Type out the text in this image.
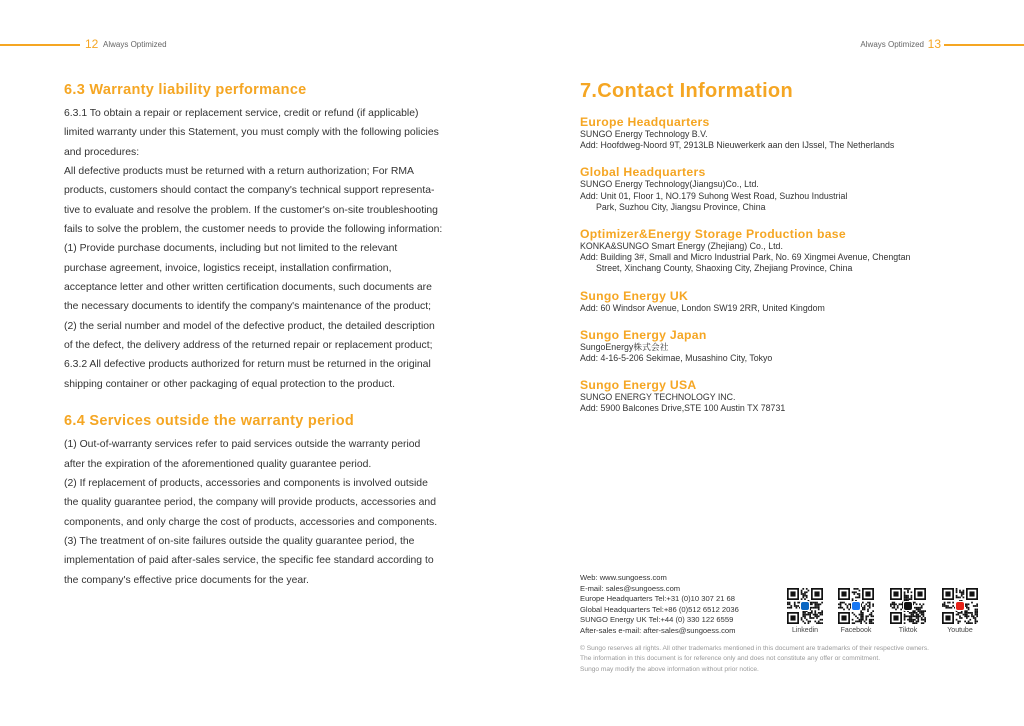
12 Always Optimized	Always Optimized 13
6.3 Warranty liability performance
6.3.1 To obtain a repair or replacement service, credit or refund (if applicable)
limited warranty under this Statement, you must comply with the following policies
and procedures:
All defective products must be returned with a return authorization; For RMA
products, customers should contact the company's technical support representa-
tive to evaluate and resolve the problem. If the customer's on-site troubleshooting
fails to solve the problem, the customer needs to provide the following information:
(1) Provide purchase documents, including but not limited to the relevant
purchase agreement, invoice, logistics receipt, installation confirmation,
acceptance letter and other written certification documents, such documents are
the necessary documents to identify the company's maintenance of the product;
(2) the serial number and model of the defective product, the detailed description
of the defect, the delivery address of the returned repair or replacement product;
6.3.2 All defective products authorized for return must be returned in the original
shipping container or other packaging of equal protection to the product.
6.4 Services outside the warranty period
(1) Out-of-warranty services refer to paid services outside the warranty period
after the expiration of the aforementioned quality guarantee period.
(2) If replacement of products, accessories and components is involved outside
the quality guarantee period, the company will provide products, accessories and
components, and only charge the cost of products, accessories and components.
(3) The treatment of on-site failures outside the quality guarantee period, the
implementation of paid after-sales service, the specific fee standard according to
the company's effective price documents for the year.
7.Contact Information
Europe Headquarters
SUNGO Energy Technology B.V.
Add: Hoofdweg-Noord 9T, 2913LB Nieuwerkerk aan den IJssel, The Netherlands
Global Headquarters
SUNGO Energy Technology(Jiangsu)Co., Ltd.
Add: Unit 01, Floor 1, NO.179 Suhong West Road, Suzhou Industrial
Park, Suzhou City, Jiangsu Province, China
Optimizer&Energy Storage Production base
KONKA&SUNGO Smart Energy (Zhejiang) Co., Ltd.
Add: Building 3#, Small and Micro Industrial Park, No. 69 Xingmei Avenue, Chengtan
Street, Xinchang County, Shaoxing City, Zhejiang Province, China
Sungo Energy UK
Add: 60 Windsor Avenue, London SW19 2RR, United Kingdom
Sungo Energy Japan
SungoEnergy株式会社
Add: 4-16-5-206 Sekimae, Musashino City, Tokyo
Sungo Energy USA
SUNGO ENERGY TECHNOLOGY INC.
Add: 5900 Balcones Drive,STE 100 Austin TX 78731
Web: www.sungoess.com
E-mail: sales@sungoess.com
Europe Headquarters Tel:+31 (0)10 307 21 68
Global Headquarters Tel:+86 (0)512 6512 2036
SUNGO Energy UK Tel:+44 (0) 330 122 6559
After-sales e-mail: after-sales@sungoess.com	Linkedin	Facebook	Tiktok	Youtube
© Sungo reserves all rights. All other trademarks mentioned in this document are trademarks of their respective owners.
The information in this document is for reference only and does not constitute any offer or commitment.
Sungo may modify the above information without prior notice.
